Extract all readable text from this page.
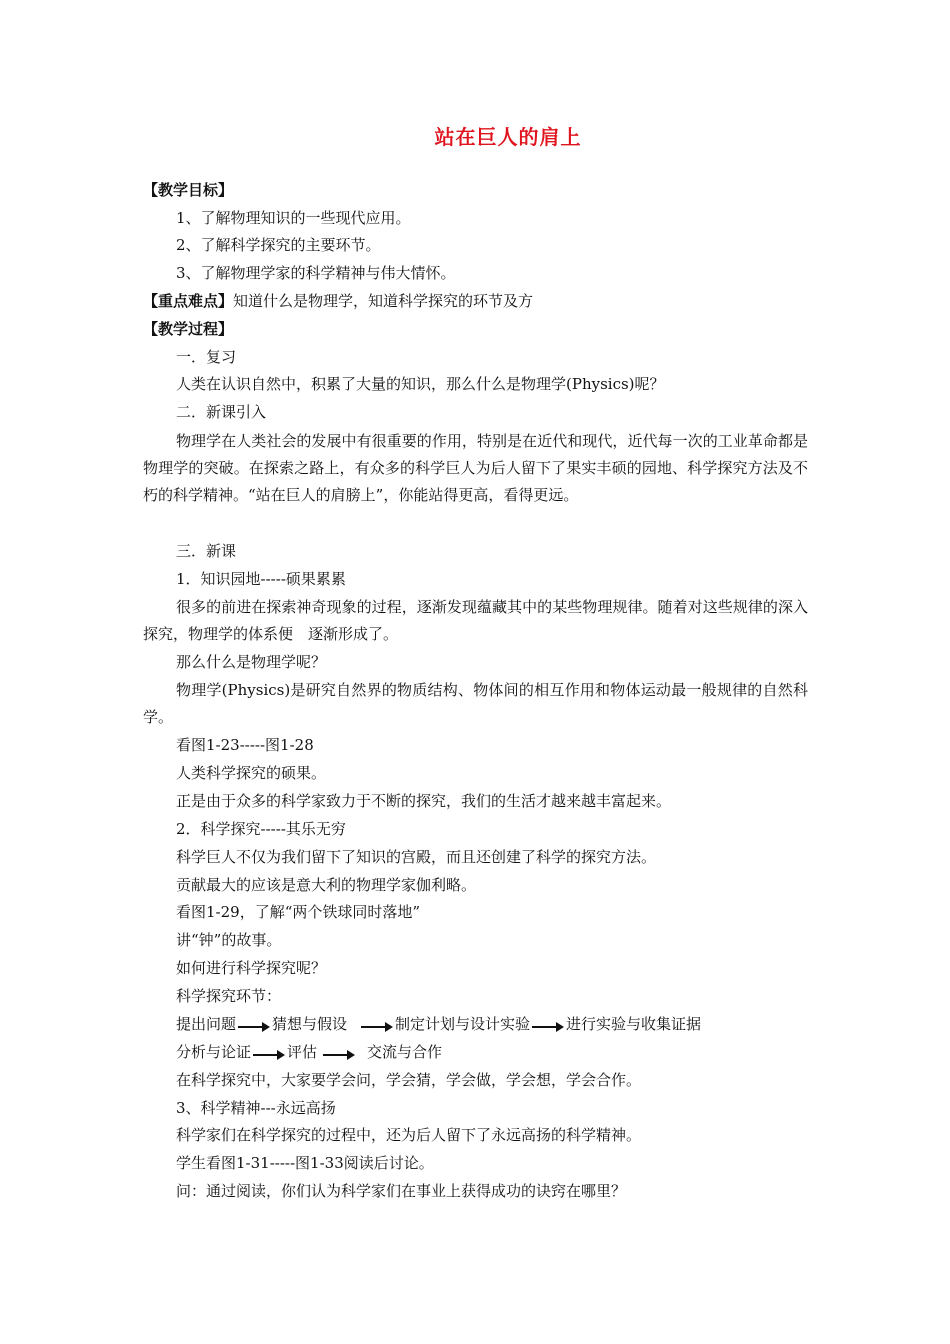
站在巨人的肩上
【教学目标】
1、了解物理知识的一些现代应用。
2、了解科学探究的主要环节。
3、了解物理学家的科学精神与伟大情怀。
【重点难点】知道什么是物理学，知道科学探究的环节及方
【教学过程】
一．复习
人类在认识自然中，积累了大量的知识，那么什么是物理学(Physics)呢？
二．新课引入
物理学在人类社会的发展中有很重要的作用，特别是在近代和现代，近代每一次的工业革命都是物理学的突破。在探索之路上，有众多的科学巨人为后人留下了果实丰硕的园地、科学探究方法及不朽的科学精神。“站在巨人的肩膀上”，你能站得更高，看得更远。
三．新课
1．知识园地-----硕果累累
很多的前进在探索神奇现象的过程，逐渐发现蕴藏其中的某些物理规律。随着对这些规律的深入探究，物理学的体系便　逐渐形成了。
那么什么是物理学呢？
物理学(Physics)是研究自然界的物质结构、物体间的相互作用和物体运动最一般规律的自然科学。
看图1-23-----图1-28
人类科学探究的硕果。
正是由于众多的科学家致力于不断的探究，我们的生活才越来越丰富起来。
2．科学探究-----其乐无穷
科学巨人不仅为我们留下了知识的宫殿，而且还创建了科学的探究方法。
贡献最大的应该是意大利的物理学家伽利略。
看图1-29，了解“两个铁球同时落地”
讲“钟”的故事。
如何进行科学探究呢？
科学探究环节：
提出问题 猜想与假设	制定计划与设计实验 进行实验与收集证据
分析与论证 评估	交流与合作
在科学探究中，大家要学会问，学会猜，学会做，学会想，学会合作。
3、科学精神---永远高扬
科学家们在科学探究的过程中，还为后人留下了永远高扬的科学精神。
学生看图1-31-----图1-33阅读后讨论。
问：通过阅读，你们认为科学家们在事业上获得成功的诀窍在哪里？
